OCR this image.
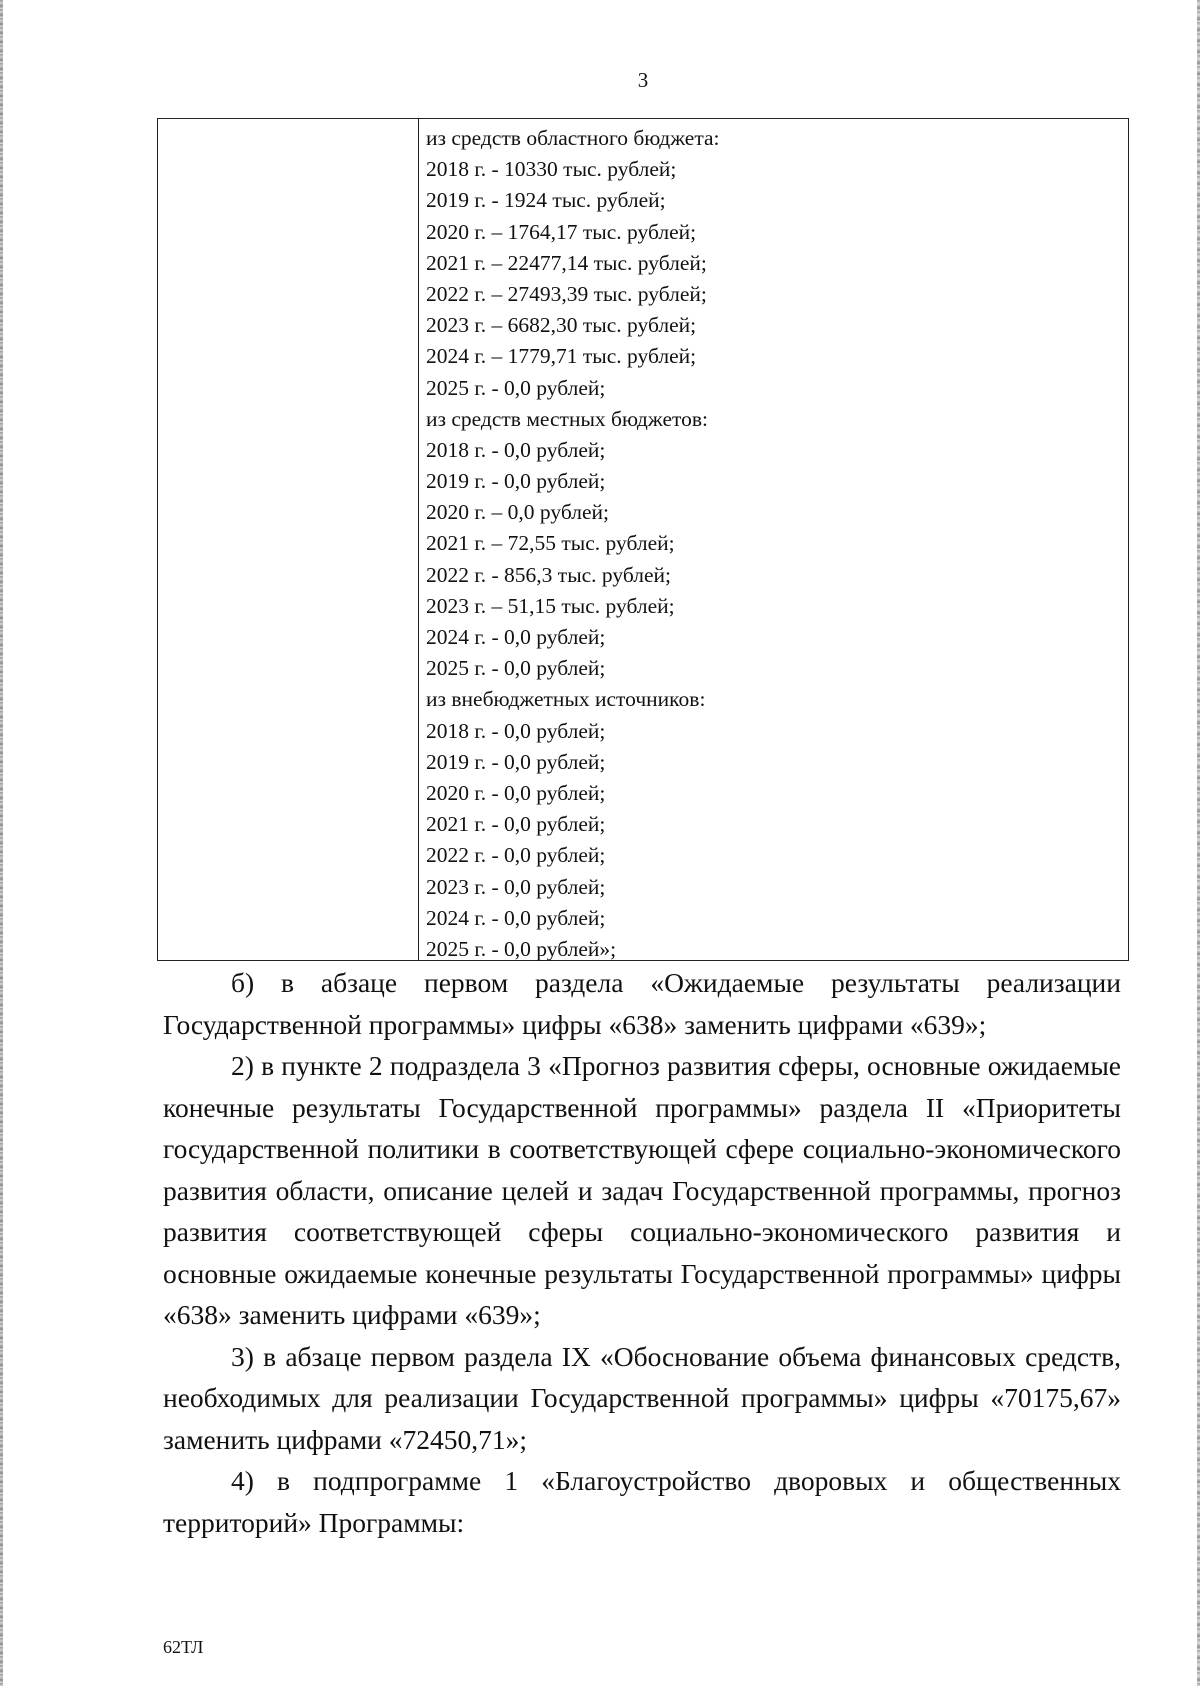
3
из средств областного бюджета:
2018 г. - 10330 тыс. рублей;
2019 г. - 1924 тыс. рублей;
2020 г. – 1764,17 тыс. рублей;
2021 г. – 22477,14 тыс. рублей;
2022 г. – 27493,39 тыс. рублей;
2023 г. – 6682,30 тыс. рублей;
2024 г. – 1779,71 тыс. рублей;
2025 г. - 0,0 рублей;
из средств местных бюджетов:
2018 г. - 0,0 рублей;
2019 г. - 0,0 рублей;
2020 г. – 0,0 рублей;
2021 г. – 72,55 тыс. рублей;
2022 г. - 856,3 тыс. рублей;
2023 г. – 51,15 тыс. рублей;
2024 г. - 0,0 рублей;
2025 г. - 0,0 рублей;
из внебюджетных источников:
2018 г. - 0,0 рублей;
2019 г. - 0,0 рублей;
2020 г. - 0,0 рублей;
2021 г. - 0,0 рублей;
2022 г. - 0,0 рублей;
2023 г. - 0,0 рублей;
2024 г. - 0,0 рублей;
2025 г. - 0,0 рублей»;

б) в абзаце первом раздела «Ожидаемые результаты реализации Государственной программы» цифры «638» заменить цифрами «639»;

2) в пункте 2 подраздела 3 «Прогноз развития сферы, основные ожидаемые конечные результаты Государственной программы» раздела II «Приоритеты государственной политики в соответствующей сфере социально-экономического развития области, описание целей и задач Государственной программы, прогноз развития соответствующей сферы социально-экономического развития и основные ожидаемые конечные результаты Государственной программы» цифры «638» заменить цифрами «639»;

3) в абзаце первом раздела IX «Обоснование объема финансовых средств, необходимых для реализации Государственной программы» цифры «70175,67» заменить цифрами «72450,71»;

4) в подпрограмме 1 «Благоустройство дворовых и общественных территорий» Программы:

62ТЛ
